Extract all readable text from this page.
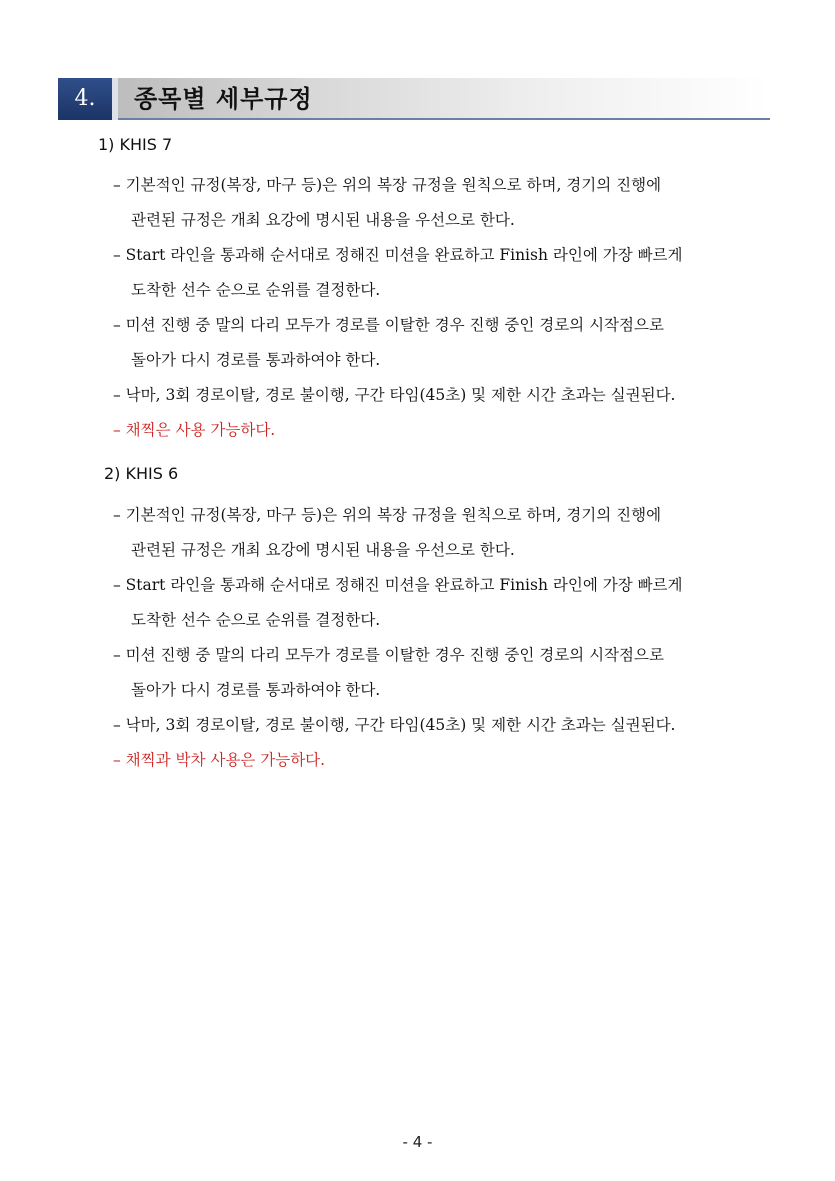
4.	종목별 세부규정
1) KHIS 7
– 기본적인 규정(복장, 마구 등)은 위의 복장 규정을 원칙으로 하며, 경기의 진행에
관련된 규정은 개최 요강에 명시된 내용을 우선으로 한다.
– Start 라인을 통과해 순서대로 정해진 미션을 완료하고 Finish 라인에 가장 빠르게
도착한 선수 순으로 순위를 결정한다.
– 미션 진행 중 말의 다리 모두가 경로를 이탈한 경우 진행 중인 경로의 시작점으로
돌아가 다시 경로를 통과하여야 한다.
– 낙마, 3회 경로이탈, 경로 불이행, 구간 타임(45초) 및 제한 시간 초과는 실권된다.
– 채찍은 사용 가능하다.
2) KHIS 6
– 기본적인 규정(복장, 마구 등)은 위의 복장 규정을 원칙으로 하며, 경기의 진행에
관련된 규정은 개최 요강에 명시된 내용을 우선으로 한다.
– Start 라인을 통과해 순서대로 정해진 미션을 완료하고 Finish 라인에 가장 빠르게
도착한 선수 순으로 순위를 결정한다.
– 미션 진행 중 말의 다리 모두가 경로를 이탈한 경우 진행 중인 경로의 시작점으로
돌아가 다시 경로를 통과하여야 한다.
– 낙마, 3회 경로이탈, 경로 불이행, 구간 타임(45초) 및 제한 시간 초과는 실권된다.
– 채찍과 박차 사용은 가능하다.
- 4 -
